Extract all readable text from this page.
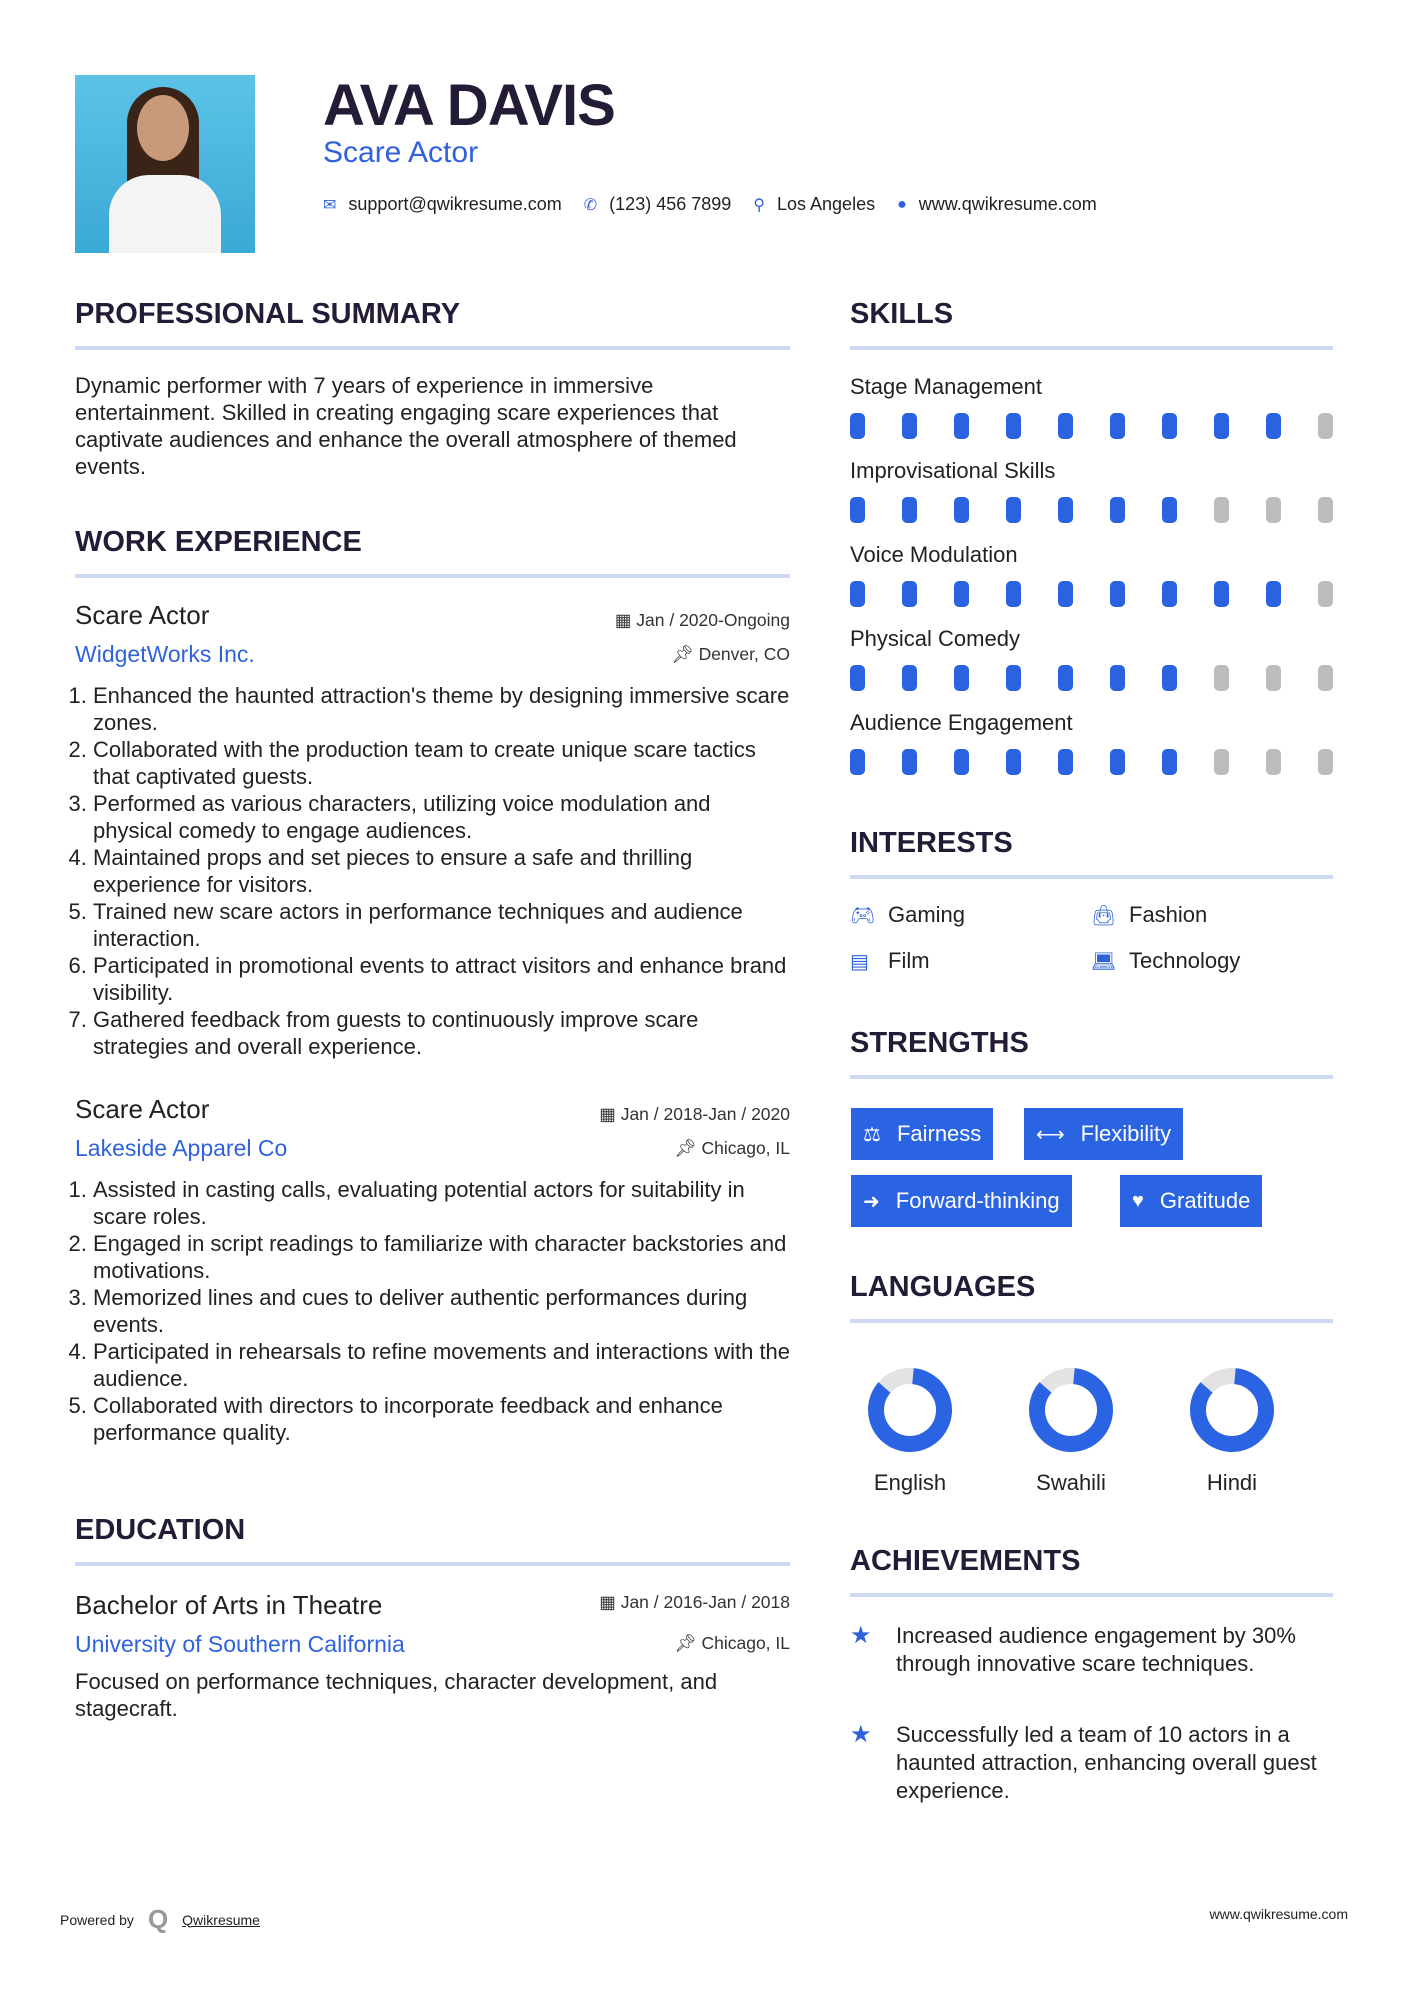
AVA DAVIS
Scare Actor
✉ support@qwikresume.com ✆ (123) 456 7899 ⚲ Los Angeles ● www.qwikresume.com
PROFESSIONAL SUMMARY
Dynamic performer with 7 years of experience in immersive entertainment. Skilled in creating engaging scare experiences that captivate audiences and enhance the overall atmosphere of themed events.
WORK EXPERIENCE
Scare Actor	▦ Jan / 2020-Ongoing
WidgetWorks Inc.	📌︎ Denver, CO
1. Enhanced the haunted attraction's theme by designing immersive scare zones.
2. Collaborated with the production team to create unique scare tactics that captivated guests.
3. Performed as various characters, utilizing voice modulation and physical comedy to engage audiences.
4. Maintained props and set pieces to ensure a safe and thrilling experience for visitors.
5. Trained new scare actors in performance techniques and audience interaction.
6. Participated in promotional events to attract visitors and enhance brand visibility.
7. Gathered feedback from guests to continuously improve scare strategies and overall experience.
Scare Actor	▦ Jan / 2018-Jan / 2020
Lakeside Apparel Co	📌︎ Chicago, IL
1. Assisted in casting calls, evaluating potential actors for suitability in scare roles.
2. Engaged in script readings to familiarize with character backstories and motivations.
3. Memorized lines and cues to deliver authentic performances during events.
4. Participated in rehearsals to refine movements and interactions with the audience.
5. Collaborated with directors to incorporate feedback and enhance performance quality.
EDUCATION
Bachelor of Arts in Theatre	▦ Jan / 2016-Jan / 2018
University of Southern California	📌︎ Chicago, IL
Focused on performance techniques, character development, and stagecraft.
SKILLS
Stage Management
Improvisational Skills
Voice Modulation
Physical Comedy
Audience Engagement
INTERESTS
🎮︎ Gaming	👜︎ Fashion
▤ Film	💻︎ Technology
STRENGTHS
⚖ Fairness	⟷ Flexibility
➜ Forward-thinking	♥ Gratitude
LANGUAGES
English	Swahili	Hindi
ACHIEVEMENTS
★	Increased audience engagement by 30% through innovative scare techniques.
★	Successfully led a team of 10 actors in a haunted attraction, enhancing overall guest experience.
Powered by Q Qwikresume	www.qwikresume.com
